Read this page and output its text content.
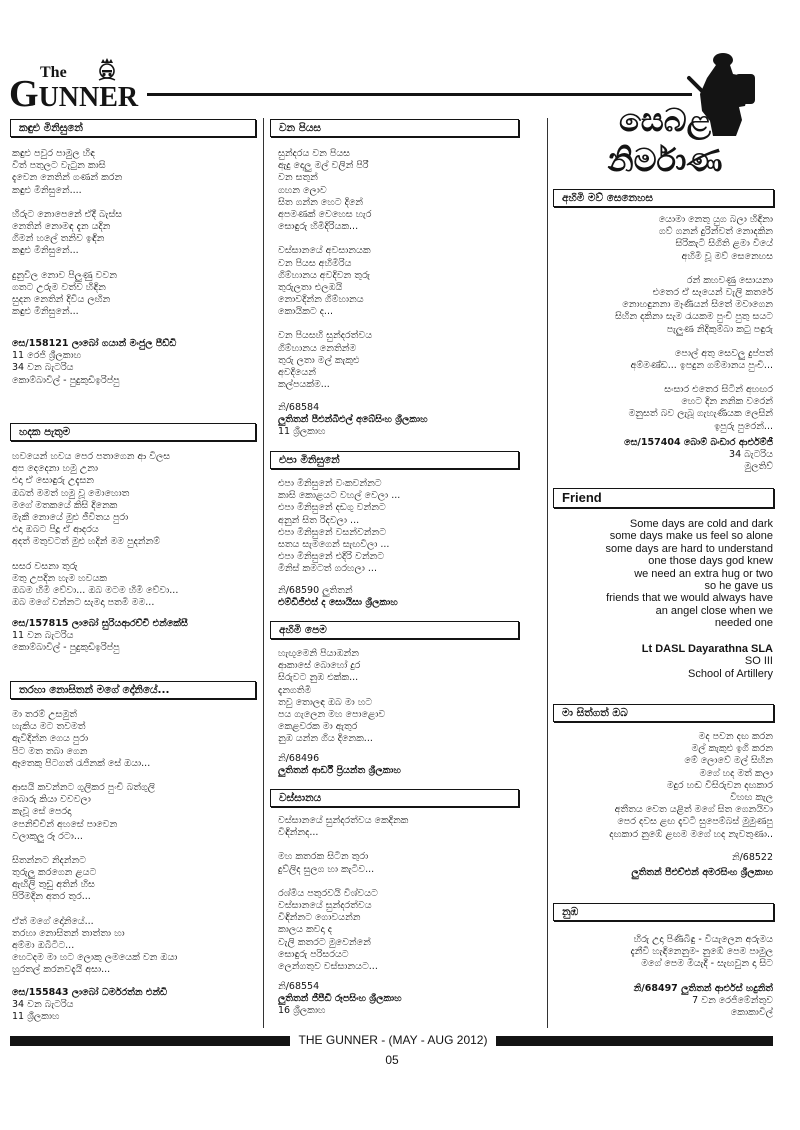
The
GUNNER
කඳුළු මිනිසුනේ
කඳුළු පවුර පාමුල හිඳ
විත් පතුලට වැටුන කාසි
දැවෙන නෙතින් ගණන් කරන
කඳුළු මිනිසුනේ....
හිරුට නොපෙනේ ඒදී බැස්ස
නෙතින් නොමඳ දැන යදින
ගිමන් හලේ තනිව ඉඳින
කඳුළු මිනිසුනේ...
දුනුවිල නොව පිලුණු වවන
ගතට උරුම වත්ව හිඳින
සුදන නෙතින් දිවිය ලඟින
කඳුළු මිනිසුනේ...
සෙ/158121 ලාබෝ ගයාන් මංජුල පීඩ්ඩි
11 රෙජි ශ්‍රීලකාහ
34 වන බැටරිය
කොම්බාවිල් - පුදුකුඩිඉරිප්පු
හදක පැතුම
හවයෙන් හවය පෙර පතාගෙන ආ විලස
අප දෙදෙනා හමු උනා
එදා ඒ සොඳුරු උදැසන
ඔබත් මමත් හමු වූ මොහොත
මගේ මතකයේ කිසි දිනෙක
මැකී නොයේ මුළු ජීවිතය පුරා
එදා ඔබට පිදූ ඒ ආදරය
අදත් මතුවටත් මුළු හදින් මම පුදන්නම්
සසර වසනා තුරු
මතු උපදින හැම හවයක
ඔබම හිමි වේවා... ඔබ මටම හිමි වේවා...
ඔබ මගේ වන්නට සැමදා පතමි මම...
සෙ/157815 ලාබෝ සුරියආරච්චි එන්කේසී
11 වන බැටරිය
කොම්බාවිල් - පුදුකුඩිඉරිප්පු
තරහා නොසිතන් මගේ දෝනියේ...
මා තරම් උසමුත්
හැකිය මට තවමත්
ඇවිදින්න ගෙය පුරා
පිට මත තබා ගෙන
ඈතෙකු පිටගත් රැජිනක් සේ ඔයා...
ආසයි කවන්නට ගුලිකර පුංචි බත්ගුලි
බොරු කියා වවවලා
කැවූ සේ පෙරදා
පෙනිච්චින් අහසේ පාවෙන
වලාකුලු රූ රටා...
සිතන්නට නිදන්නට
තුරුලු කරගෙන ළයට
ඇඟිලි තුඩු අතින් හිස
පිරිමදින අතර තුර...
ඒත් මගේ දෝනියේ...
තරහා නොසිතන් තාත්තා හා
අම්මා ඔබිටිට...
හෙටදම මා හට ලොකු ලමයෙක් වන ඔයා
හුරතල් කරනවදැයි අසා...
සෙ/155843 ලාබෝ ධර්මරත්න එන්ඩී
34 වන බැටරිය
11 ශ්‍රීලකාහ
වන පියස
සුන්දරය වන පියස
ඇදු දොලු මල් වලින් පිරී
වන සතුන්
ගහන ලොව
සිත ගන්න හෙට දිනේ
අපමණක් වෙහෙස හැර
සොඳුරු හිමිදිරියක...
වස්සානයේ අවසානයක
වන පියස අහිමිරිය
ගිම්හානය අවදිවන තුරු
තුරුලතා එලඹයි
නොවදින්න ගිම්හානය
කොයිකට ද...
වන පියසහි සුන්දරත්වය
ගිම්හානය නෙතින්ම
තුරු ලතා මල් කැකුළු
අවදියෙන්
කල්පයක්ම...
නි/68584
ලුතිතන් පීඑන්බීඑල් අබේසිංහ ශ්‍රීලකාහ
11 ශ්‍රීලකාහ
එපා මිනිසුනේ
එපා මිනිසුනේ වංකවන්නට
කාසි කොළයට වහල් වෙලා ...
එපා මිනිසුනේ දඩගු වන්නට
අනුන් සිත රිදවලා ...
එපා මිනිසුනේ වසන්වන්නට
සතය සැමගෙන් සැඟවිලා ...
එපා මිනිසුනේ එදිරි වන්නට
මිනිස් කමටත් ගරහලා ...
නි/68590 ලුතිතන්
එම්ඩීජීඑස් ද සොයිසා ශ්‍රීලකාහ
අහිමි පෙම
හැඟුමෙනි පියාඹන්න
ආකාසේ බොහෝ දුර
සිරුවට නුඹ එක්ක...
දැනගතිමි
තවු තොලඳ ඔබ මා හට
පය ගැලෙන මහ පොළොව
කෙළවරක මා ඇතුර
නුඹ යන්න ගිය දිනෙක...
නි/68496
ලුතිතන් ආර්ඩී ප්‍රියන්ත ශ්‍රීලකාහ
වස්සානය
වස්සානයේ සුන්දරත්වය කෙදිනක
විඳින්නද...
මහ කතරක සිටින තුරා
දුව්ලිද සුලග හා කැටිව...
රශ්මිය පතුරවයි විශ්වයට
වස්සානයේ සුන්දරත්වය
විඳින්නට ගොවයන්න
කාලය කවදා ද
වැලි කතරට මුවෙන්නේ
සොඳුරු පරිසරයට
ලෙන්ගතුව වස්සානයට...
නි/68554
ලුතිතන් ජීපීඩී රූපසිංහ ශ්‍රීලකාහ
16 ශ්‍රීලකාහ
සෙබළ
නිර්මාණ
අහිමි මව් සෙනෙහස
යොමා නෙතු යුග බලා හිඳිනා
ගව් ගනන් දුරින්වත් නොදකින
සිරිකැටි සිගිති ළමා වියේ
අහිමි වූ මව් සෙනෙහස
රන් කහවණු සොයනා
එතෙර ඒ සෑයෙන් වැලි කතරේ
නොහඳුනනා මෑණියන් සිතේ මවාගෙන
සිහින දකිනා සැම රැයකම පුංචි පුතු සයට
පැලුණ නිදිකුම්බා කටු පඳුරු
පොල් අතු සෙවලු දුප්පත්
අම්මණ්ඩ... ඉපදුන ගම්මානය පුංචි...
සංසාර එතෙර සිටින් අහඟර
හෙට දින නනික වරෙන්
මනුසත් බව ලැබූ ගැහැණියක ලෙසින්
ඉපුරු පුරෙන්...
සෙ/157404 බොම් බංඩාර ආර්එම්ජී
34 බැටරිය
මුලතිව්
Friend
Some days are cold and dark
some days make us feel so alone
some days are hard to understand
one those days god knew
we need an extra hug or two
so he gave us
friends that we would always have
an angel close when we
needed one
Lt DASL Dayarathna SLA
SO III
School of Artillery
මා සිත්ගත් ඔබ
මද පවන දඟ කරන
මල් කැකුළු ඉගි කරන
මේ ලොවේ මල් සිහින
මගේ හද මත් කලා
මදුර හඬ විසිරුවන දඟකාර
විහඟ කැල
අතීතය වෙත යළිත් මගේ සිත ගෙනයිවා
පෙර දවස ළඟ දැවටී සුපෙම්බස් මුමුණපු
දඟකාර නුඹේ ළඟම මගේ හද නැවතුණා..
නි/68522
ලුතිතන් පීඑච්එන් අමරසිංහ ශ්‍රීලකාහ
නුඹ
හිරු උදා පිණිබිඳු - වියැලෙන අරුමය
දැනීවි හැඳිනෙනුම- නුඹේ පෙම පාමුල
මගේ පෙම මියැදී - සැඟවුන දා සිට
නි/68497 ලුතිතන් ආර්එස් හදුනිත්
7 වන රෙජිමේන්තුව
කොකාවිල්
THE GUNNER - (MAY - AUG 2012)
05
